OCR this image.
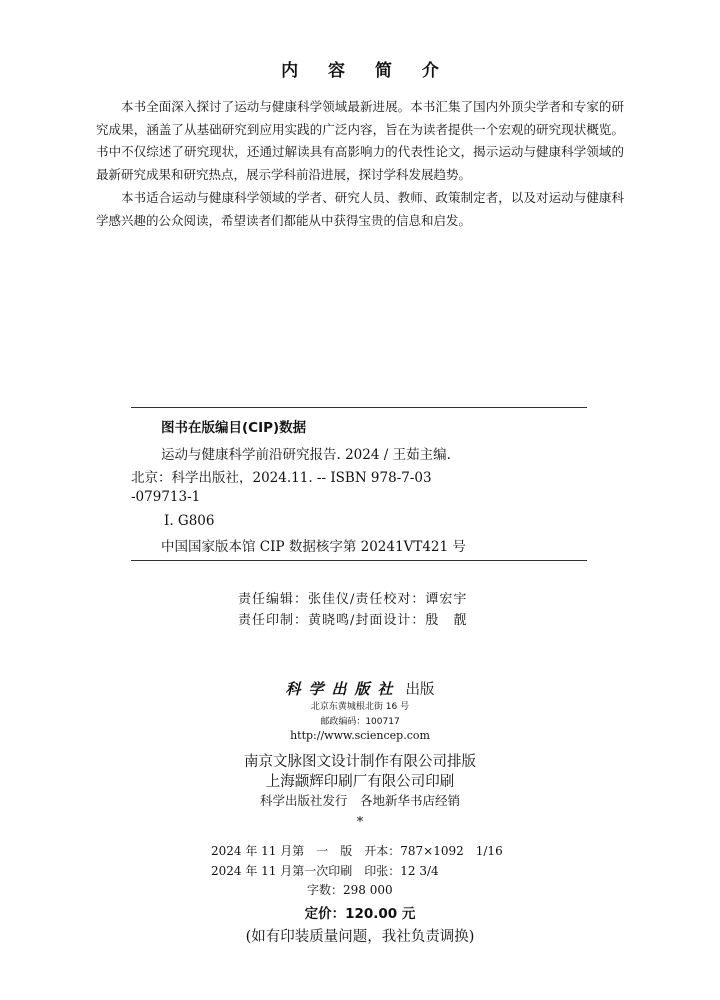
内 容 简 介

本书全面深入探讨了运动与健康科学领域最新进展。本书汇集了国内外顶尖学者和专家的研究成果，涵盖了从基础研究到应用实践的广泛内容，旨在为读者提供一个宏观的研究现状概览。书中不仅综述了研究现状，还通过解读具有高影响力的代表性论文，揭示运动与健康科学领域的最新研究成果和研究热点，展示学科前沿进展，探讨学科发展趋势。

本书适合运动与健康科学领域的学者、研究人员、教师、政策制定者，以及对运动与健康科学感兴趣的公众阅读，希望读者们都能从中获得宝贵的信息和启发。

图书在版编目(CIP)数据
运动与健康科学前沿研究报告. 2024 / 王茹主编.
北京：科学出版社，2024.11. -- ISBN 978-7-03
-079713-1
Ⅰ. G806
中国国家版本馆 CIP 数据核字第 20241VT421 号
责任编辑：张佳仪/责任校对：谭宏宇
责任印制：黄晓鸣/封面设计：殷　靓
科学出版社 出版
北京东黄城根北街 16 号
邮政编码：100717
http://www.sciencep.com
南京文脉图文设计制作有限公司排版
上海颛辉印刷厂有限公司印刷
科学出版社发行　各地新华书店经销
*
2024 年 11 月第　一　版　开本：787×1092　1/16
2024 年 11 月第一次印刷　印张：12 3/4
字数：298 000
定价：120.00 元
(如有印装质量问题，我社负责调换)
